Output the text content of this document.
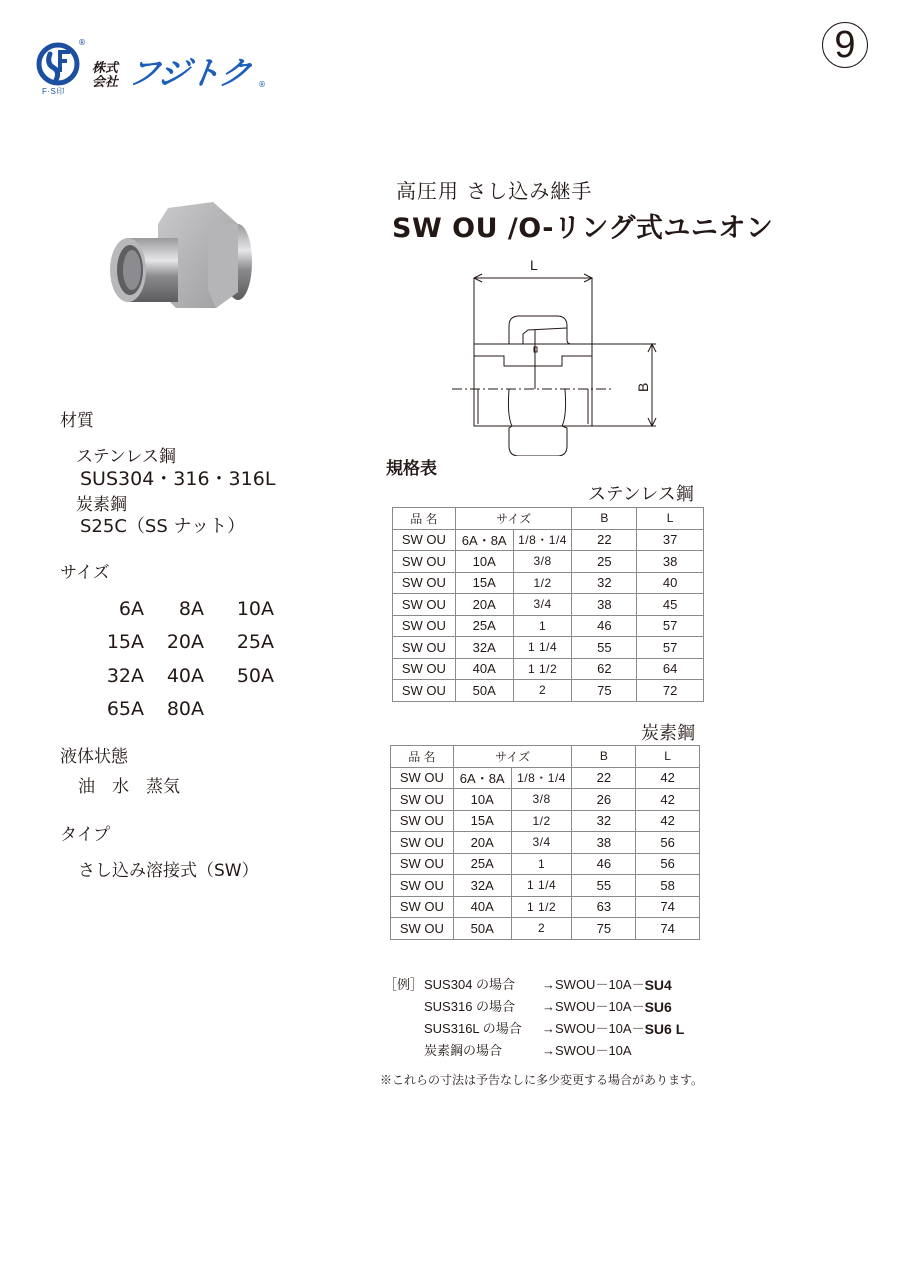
®
F·S印
株式
会社 フジトク ®
9
高圧用 さし込み継手
SW OU /O-リング式ユニオン
L
B
材質
ステンレス鋼
SUS304・316・316L
炭素鋼
S25C（SS ナット）
サイズ
6A	8A	10A
15A	20A	25A
32A	40A	50A
65A	80A
液体状態
油　水　蒸気
タイプ
さし込み溶接式（SW）
規格表
ステンレス鋼
品 名	サイズ		B	L
SW OU	6A・8A	1/8・1/4	22	37
SW OU	10A	3/8	25	38
SW OU	15A	1/2	32	40
SW OU	20A	3/4	38	45
SW OU	25A	1	46	57
SW OU	32A	1 1/4	55	57
SW OU	40A	1 1/2	62	64
SW OU	50A	2	75	72
炭素鋼
品 名	サイズ		B	L
SW OU	6A・8A	1/8・1/4	22	42
SW OU	10A	3/8	26	42
SW OU	15A	1/2	32	42
SW OU	20A	3/4	38	56
SW OU	25A	1	46	56
SW OU	32A	1 1/4	55	58
SW OU	40A	1 1/2	63	74
SW OU	50A	2	75	74
［例］ SUS304 の場合	→SWOU－10A－ SU4
SUS316 の場合	→SWOU－10A－ SU6
SUS316L の場合	→SWOU－10A－ SU6 L
炭素鋼の場合	→SWOU－10A
※これらの寸法は予告なしに多少変更する場合があります。
